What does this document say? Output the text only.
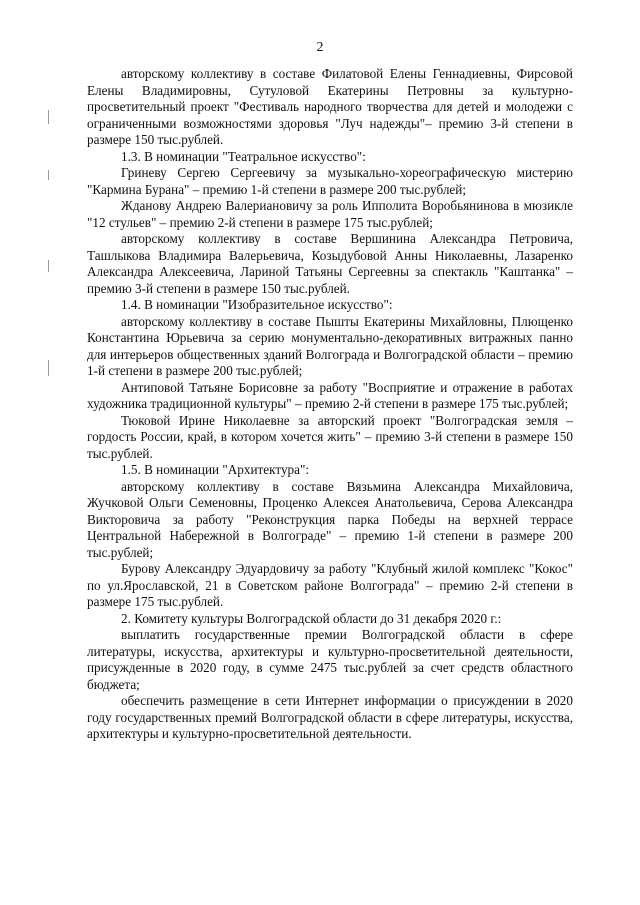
2

авторскому коллективу в составе Филатовой Елены Геннадиевны, Фирсовой Елены Владимировны, Сутуловой Екатерины Петровны за культурно-просветительный проект "Фестиваль народного творчества для детей и молодежи с ограниченными возможностями здоровья "Луч надежды"– премию 3-й степени в размере 150 тыс.рублей.

1.3. В номинации "Театральное искусство":

Гриневу Сергею Сергеевичу за музыкально-хореографическую мистерию "Кармина Бурана" – премию 1-й степени в размере 200 тыс.рублей;

Жданову Андрею Валериановичу за роль Ипполита Воробьянинова в мюзикле "12 стульев" – премию 2-й степени в размере 175 тыс.рублей;

авторскому коллективу в составе Вершинина Александра Петровича, Ташлыкова Владимира Валерьевича, Козыдубовой Анны Николаевны, Лазаренко Александра Алексеевича, Лариной Татьяны Сергеевны за спектакль "Каштанка" – премию 3-й степени в размере 150 тыс.рублей.

1.4. В номинации "Изобразительное искусство":

авторскому коллективу в составе Пышты Екатерины Михайловны, Плющенко Константина Юрьевича за серию монументально-декоративных витражных панно для интерьеров общественных зданий Волгограда и Волгоградской области – премию 1-й степени в размере 200 тыс.рублей;

Антиповой Татьяне Борисовне за работу "Восприятие и отражение в работах художника традиционной культуры" – премию 2-й степени в размере 175 тыс.рублей;

Тюковой Ирине Николаевне за авторский проект "Волгоградская земля – гордость России, край, в котором хочется жить" – премию 3-й степени в размере 150 тыс.рублей.

1.5. В номинации "Архитектура":

авторскому коллективу в составе Вязьмина Александра Михайловича, Жучковой Ольги Семеновны, Проценко Алексея Анатольевича, Серова Александра Викторовича за работу "Реконструкция парка Победы на верхней террасе Центральной Набережной в Волгограде" – премию 1-й степени в размере 200 тыс.рублей;

Бурову Александру Эдуардовичу за работу "Клубный жилой комплекс "Кокос" по ул.Ярославской, 21 в Советском районе Волгограда" – премию 2-й степени в размере 175 тыс.рублей.

2. Комитету культуры Волгоградской области до 31 декабря 2020 г.:

выплатить государственные премии Волгоградской области в сфере литературы, искусства, архитектуры и культурно-просветительной деятельности, присужденные в 2020 году, в сумме 2475 тыс.рублей за счет средств областного бюджета;

обеспечить размещение в сети Интернет информации о присуждении в 2020 году государственных премий Волгоградской области в сфере литературы, искусства, архитектуры и культурно-просветительной деятельности.
